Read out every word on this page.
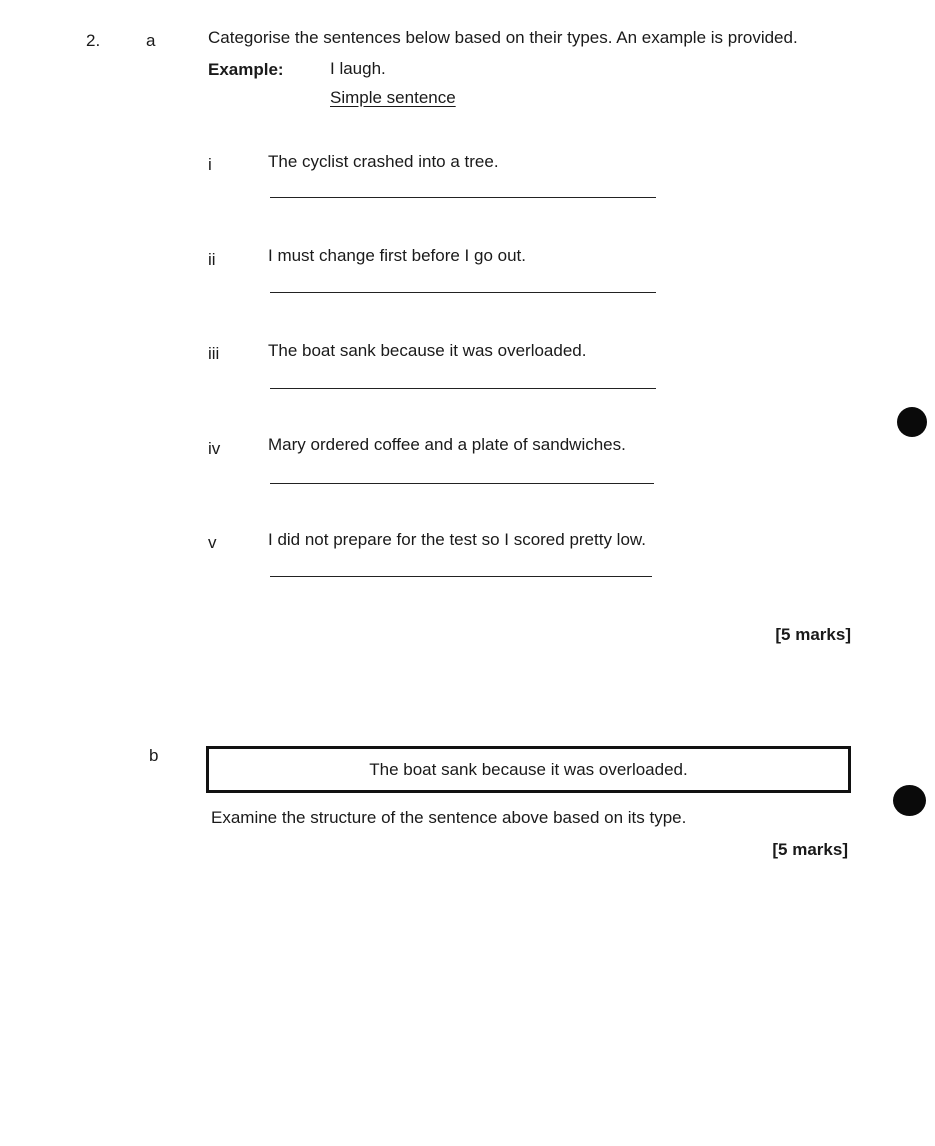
2.	a	Categorise the sentences below based on their types. An example is provided.
Example:	I laugh.
Simple sentence
i	The cyclist crashed into a tree.
ii	I must change first before I go out.
iii	The boat sank because it was overloaded.
iv	Mary ordered coffee and a plate of sandwiches.
v	I did not prepare for the test so I scored pretty low.
[5 marks]
b
The boat sank because it was overloaded.
Examine the structure of the sentence above based on its type.
[5 marks]
